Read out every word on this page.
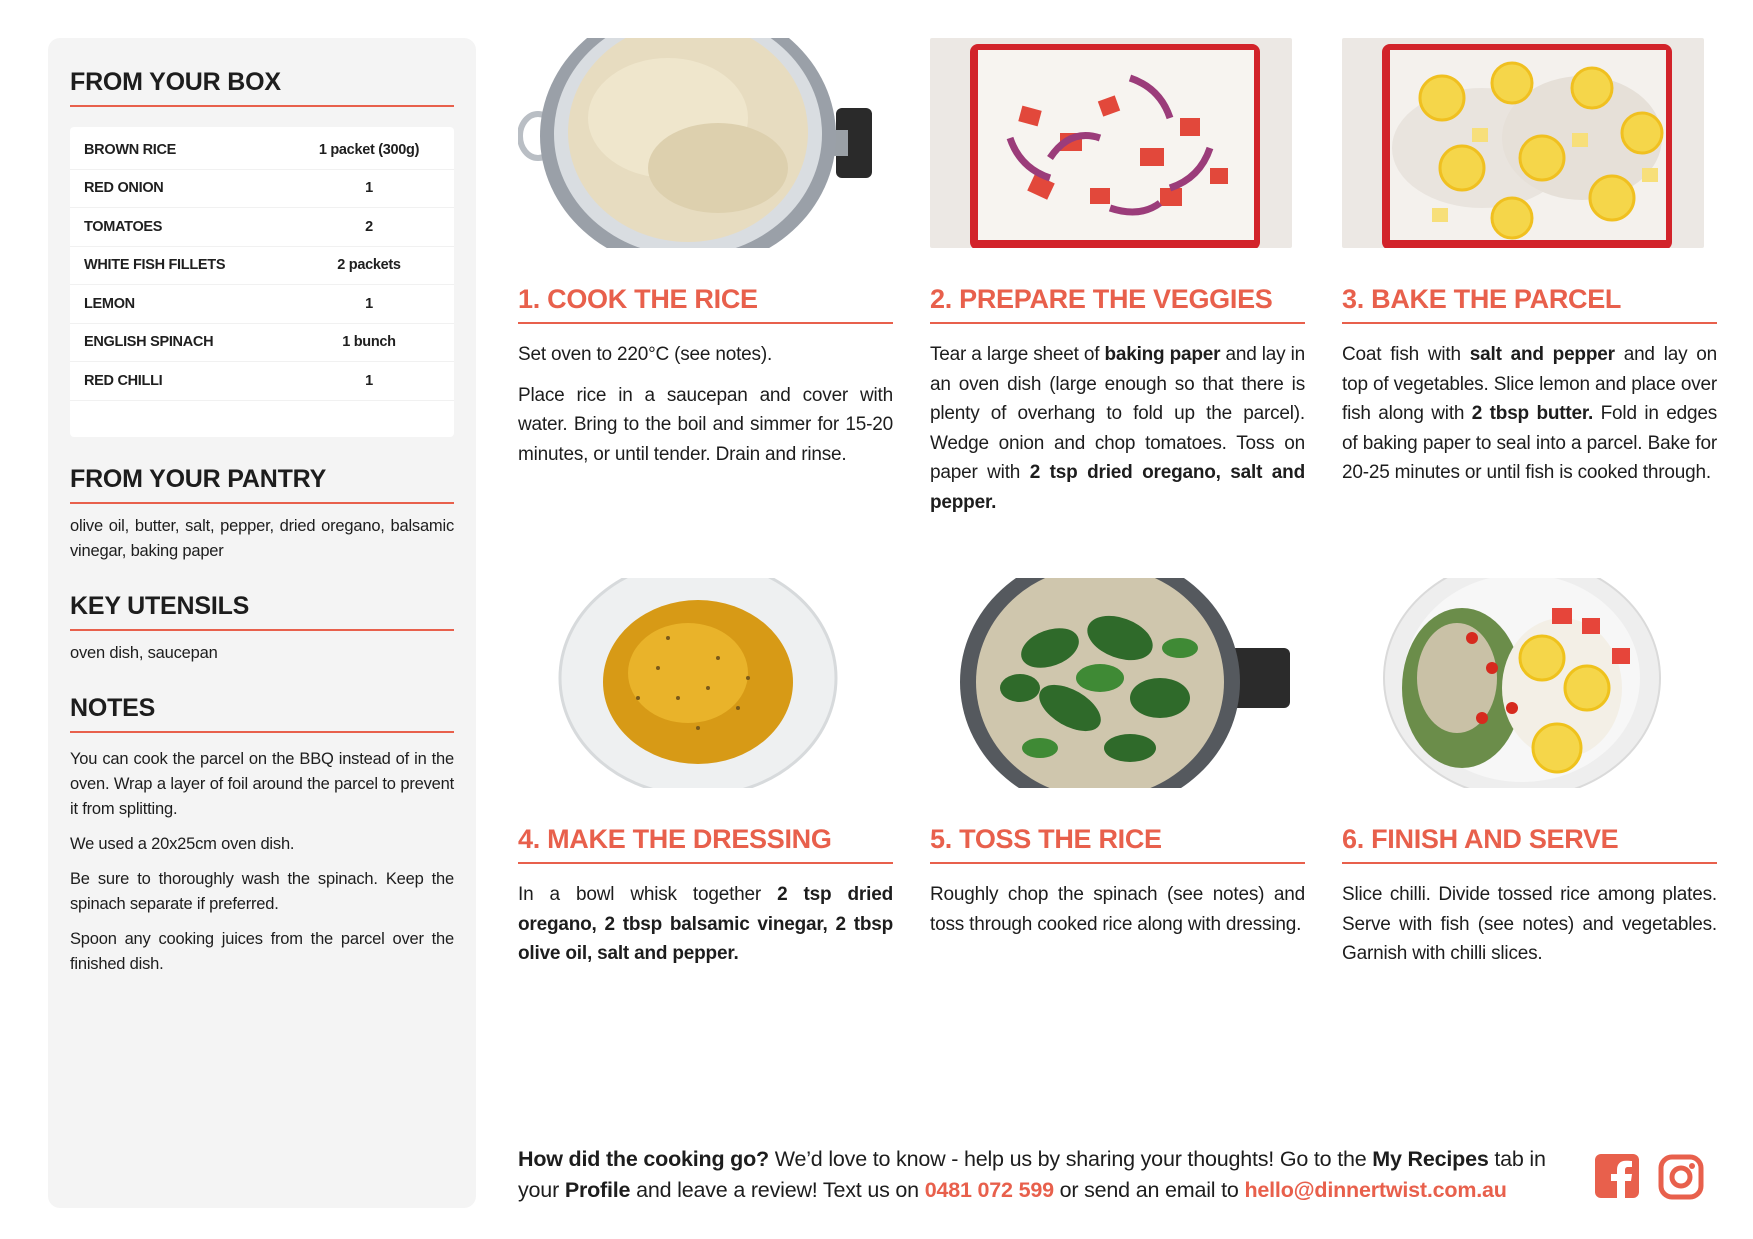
FROM YOUR BOX
BROWN RICE	1 packet (300g)
RED ONION	1
TOMATOES	2
WHITE FISH FILLETS	2 packets
LEMON	1
ENGLISH SPINACH	1 bunch
RED CHILLI	1
FROM YOUR PANTRY

olive oil, butter, salt, pepper, dried oregano, balsamic vinegar, baking paper

KEY UTENSILS

oven dish, saucepan

NOTES

You can cook the parcel on the BBQ instead of in the oven. Wrap a layer of foil around the parcel to prevent it from splitting.

We used a 20x25cm oven dish.

Be sure to thoroughly wash the spinach. Keep the spinach separate if preferred.

Spoon any cooking juices from the parcel over the finished dish.

1. COOK THE RICE

Set oven to 220°C (see notes).

Place rice in a saucepan and cover with water. Bring to the boil and simmer for 15-20 minutes, or until tender. Drain and rinse.

2. PREPARE THE VEGGIES

Tear a large sheet of baking paper and lay in an oven dish (large enough so that there is plenty of overhang to fold up the parcel). Wedge onion and chop tomatoes. Toss on paper with 2 tsp dried oregano, salt and pepper.

3. BAKE THE PARCEL

Coat fish with salt and pepper and lay on top of vegetables. Slice lemon and place over fish along with 2 tbsp butter. Fold in edges of baking paper to seal into a parcel. Bake for 20-25 minutes or until fish is cooked through.

4. MAKE THE DRESSING

In a bowl whisk together 2 tsp dried oregano, 2 tbsp balsamic vinegar, 2 tbsp olive oil, salt and pepper.

5. TOSS THE RICE

Roughly chop the spinach (see notes) and toss through cooked rice along with dressing.

6. FINISH AND SERVE

Slice chilli. Divide tossed rice among plates. Serve with fish (see notes) and vegetables. Garnish with chilli slices.

How did the cooking go? We’d love to know - help us by sharing your thoughts! Go to the My Recipes tab in your Profile and leave a review! Text us on 0481 072 599 or send an email to hello@dinnertwist.com.au
